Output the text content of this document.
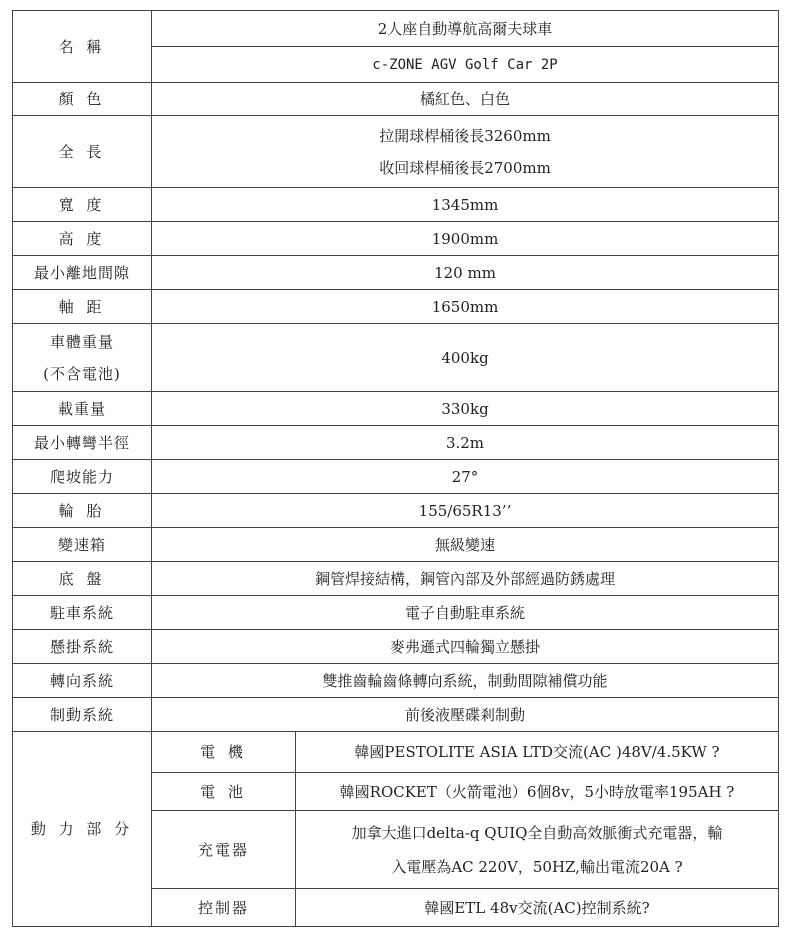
名 稱	2人座自動導航高爾夫球車	
	c-ZONE AGV Golf Car 2P	
顏 色	橘紅色、白色	
全 長	拉開球桿桶後長3260mm
收回球桿桶後長2700mm	

寬 度	1345mm	
高 度	1900mm	
最小離地間隙	120 mm	
軸 距	1650mm	

車體重量
(不含電池)	400kg	
載重量	330kg	
最小轉彎半徑	3.2m	
爬坡能力	27°	
輪 胎	155/65R13’’	
變速箱	無級變速	
底 盤	鋼管焊接結構，鋼管內部及外部經過防銹處理	
駐車系統	電子自動駐車系統	
懸掛系統	麥弗遜式四輪獨立懸掛	
轉向系統	雙推齒輪齒條轉向系統，制動間隙補償功能	
制動系統	前後液壓碟剎制動	
動 力 部 分	電 機	韓國PESTOLITE ASIA LTD交流(AC )48V/4.5KW ?
	電 池	韓國ROCKET（火箭電池）6個8v，5小時放電率195AH ?
	充電器	加拿大進口delta-q QUIQ全自動高效脈衝式充電器，輸
入電壓為AC 220V，50HZ,輸出電流20A ?

	控制器	韓國ETL 48v交流(AC)控制系統?
